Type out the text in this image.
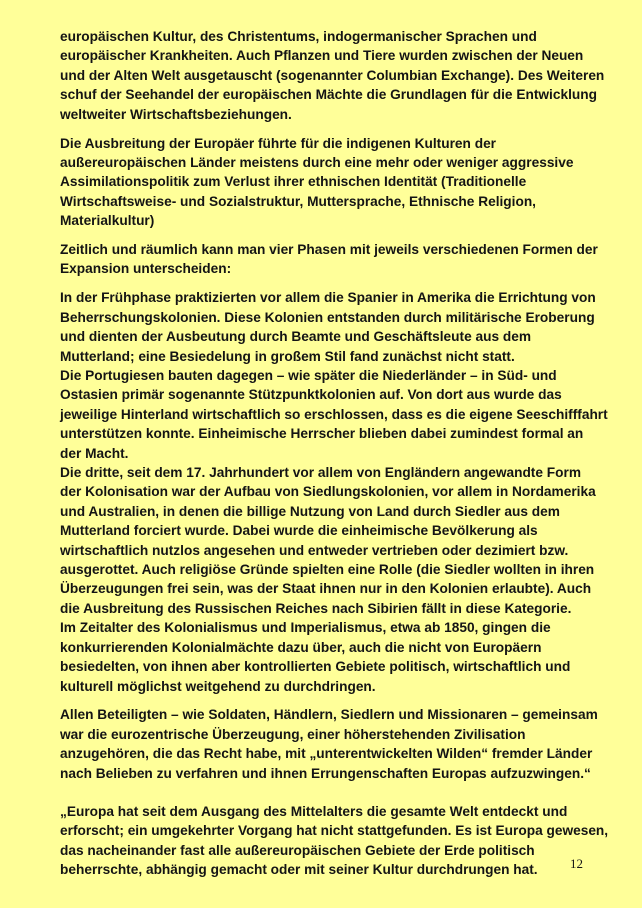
europäischen Kultur, des Christentums, indogermanischer Sprachen und
europäischer Krankheiten. Auch Pflanzen und Tiere wurden zwischen der Neuen
und der Alten Welt ausgetauscht (sogenannter Columbian Exchange). Des Weiteren
schuf der Seehandel der europäischen Mächte die Grundlagen für die Entwicklung
weltweiter Wirtschaftsbeziehungen.
Die Ausbreitung der Europäer führte für die indigenen Kulturen der
außereuropäischen Länder meistens durch eine mehr oder weniger aggressive
Assimilationspolitik zum Verlust ihrer ethnischen Identität (Traditionelle
Wirtschaftsweise- und Sozialstruktur, Muttersprache, Ethnische Religion,
Materialkultur)
Zeitlich und räumlich kann man vier Phasen mit jeweils verschiedenen Formen der
Expansion unterscheiden:
In der Frühphase praktizierten vor allem die Spanier in Amerika die Errichtung von
Beherrschungskolonien. Diese Kolonien entstanden durch militärische Eroberung
und dienten der Ausbeutung durch Beamte und Geschäftsleute aus dem
Mutterland; eine Besiedelung in großem Stil fand zunächst nicht statt.
Die Portugiesen bauten dagegen – wie später die Niederländer – in Süd- und
Ostasien primär sogenannte Stützpunktkolonien auf. Von dort aus wurde das
jeweilige Hinterland wirtschaftlich so erschlossen, dass es die eigene Seeschifffahrt
unterstützen konnte. Einheimische Herrscher blieben dabei zumindest formal an
der Macht.
Die dritte, seit dem 17. Jahrhundert vor allem von Engländern angewandte Form
der Kolonisation war der Aufbau von Siedlungskolonien, vor allem in Nordamerika
und Australien, in denen die billige Nutzung von Land durch Siedler aus dem
Mutterland forciert wurde. Dabei wurde die einheimische Bevölkerung als
wirtschaftlich nutzlos angesehen und entweder vertrieben oder dezimiert bzw.
ausgerottet. Auch religiöse Gründe spielten eine Rolle (die Siedler wollten in ihren
Überzeugungen frei sein, was der Staat ihnen nur in den Kolonien erlaubte). Auch
die Ausbreitung des Russischen Reiches nach Sibirien fällt in diese Kategorie.
Im Zeitalter des Kolonialismus und Imperialismus, etwa ab 1850, gingen die
konkurrierenden Kolonialmächte dazu über, auch die nicht von Europäern
besiedelten, von ihnen aber kontrollierten Gebiete politisch, wirtschaftlich und
kulturell möglichst weitgehend zu durchdringen.
Allen Beteiligten – wie Soldaten, Händlern, Siedlern und Missionaren – gemeinsam
war die eurozentrische Überzeugung, einer höherstehenden Zivilisation
anzugehören, die das Recht habe, mit „unterentwickelten Wilden“ fremder Länder
nach Belieben zu verfahren und ihnen Errungenschaften Europas aufzuzwingen.“
„Europa hat seit dem Ausgang des Mittelalters die gesamte Welt entdeckt und
erforscht; ein umgekehrter Vorgang hat nicht stattgefunden. Es ist Europa gewesen,
das nacheinander fast alle außereuropäischen Gebiete der Erde politisch
beherrschte, abhängig gemacht oder mit seiner Kultur durchdrungen hat.	12
